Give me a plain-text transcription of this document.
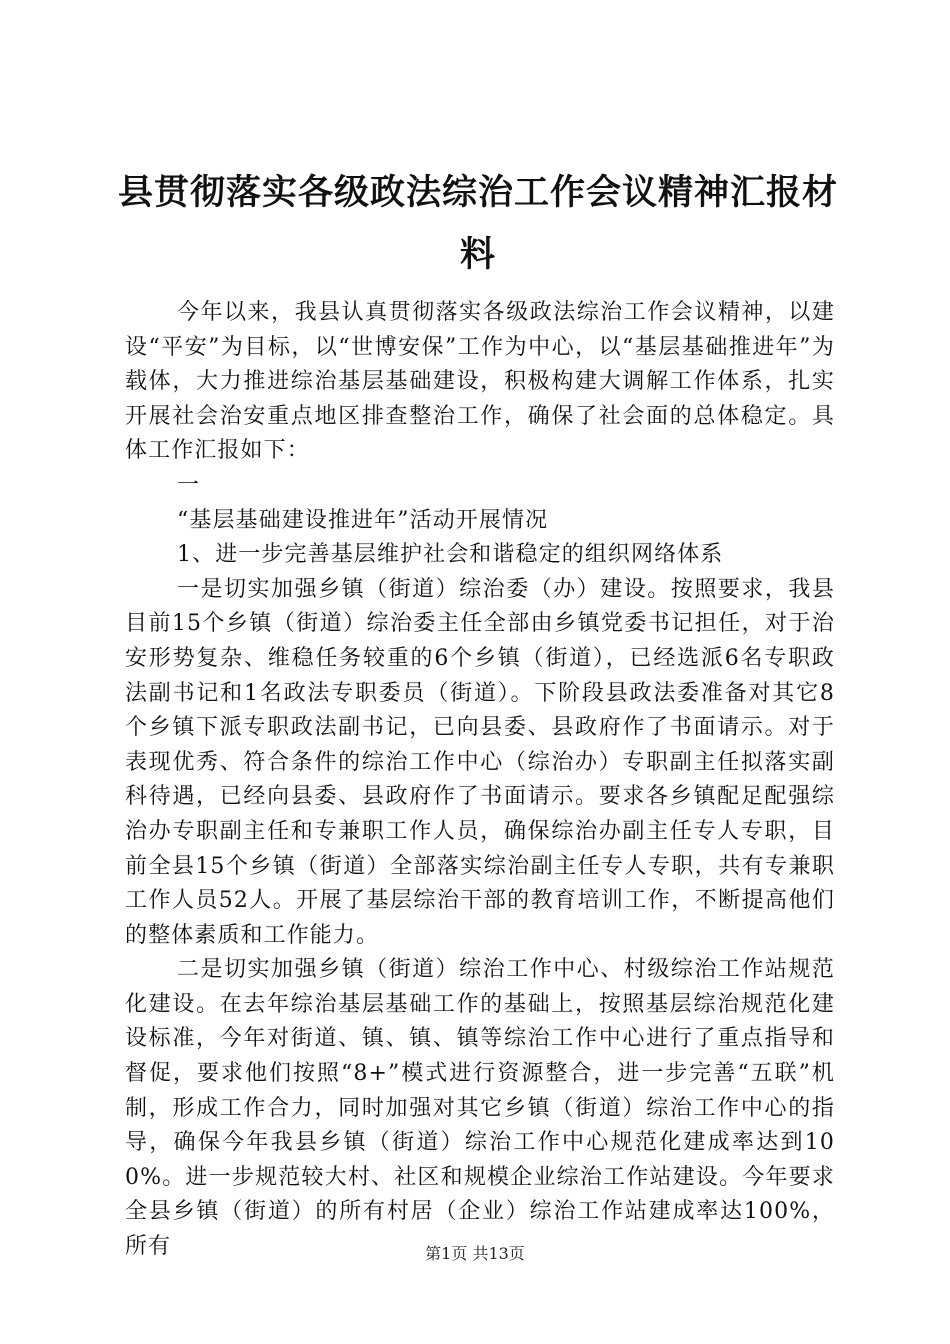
县贯彻落实各级政法综治工作会议精神汇报材料

今年以来，我县认真贯彻落实各级政法综治工作会议精神，以建设“平安”为目标，以“世博安保”工作为中心，以“基层基础推进年”为载体，大力推进综治基层基础建设，积极构建大调解工作体系，扎实开展社会治安重点地区排查整治工作，确保了社会面的总体稳定。具体工作汇报如下：

一

“基层基础建设推进年”活动开展情况

1、进一步完善基层维护社会和谐稳定的组织网络体系

一是切实加强乡镇（街道）综治委（办）建设。按照要求，我县目前15个乡镇（街道）综治委主任全部由乡镇党委书记担任，对于治安形势复杂、维稳任务较重的6个乡镇（街道），已经选派6名专职政法副书记和1名政法专职委员（街道）。下阶段县政法委准备对其它8个乡镇下派专职政法副书记，已向县委、县政府作了书面请示。对于表现优秀、符合条件的综治工作中心（综治办）专职副主任拟落实副科待遇，已经向县委、县政府作了书面请示。要求各乡镇配足配强综治办专职副主任和专兼职工作人员，确保综治办副主任专人专职，目前全县15个乡镇（街道）全部落实综治副主任专人专职，共有专兼职工作人员52人。开展了基层综治干部的教育培训工作，不断提高他们的整体素质和工作能力。

二是切实加强乡镇（街道）综治工作中心、村级综治工作站规范化建设。在去年综治基层基础工作的基础上，按照基层综治规范化建设标准，今年对街道、镇、镇、镇等综治工作中心进行了重点指导和督促，要求他们按照“8+”模式进行资源整合，进一步完善“五联”机制，形成工作合力，同时加强对其它乡镇（街道）综治工作中心的指导，确保今年我县乡镇（街道）综治工作中心规范化建成率达到100%。进一步规范较大村、社区和规模企业综治工作站建设。今年要求全县乡镇（街道）的所有村居（企业）综治工作站建成率达100%，所有	第1页 共13页
